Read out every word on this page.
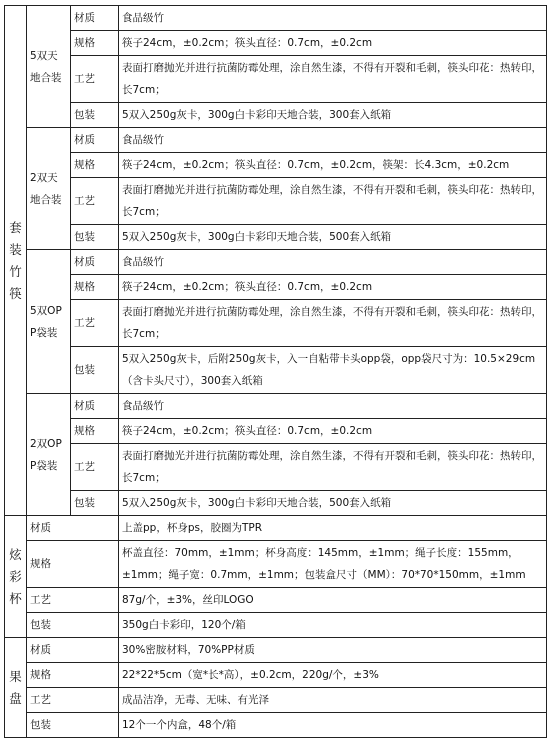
套装竹筷	5双天地合装	材质	食品级竹
		规格	筷子24cm，±0.2cm；筷头直径：0.7cm，±0.2cm
		工艺	表面打磨抛光并进行抗菌防霉处理，涂自然生漆，不得有开裂和毛刺，筷头印花：热转印，长7cm；
		包装	5双入250g灰卡，300g白卡彩印天地合装，300套入纸箱

	2双天地合装	材质	食品级竹
		规格	筷子24cm，±0.2cm；筷头直径：0.7cm，±0.2cm，筷架：长4.3cm，±0.2cm
		工艺	表面打磨抛光并进行抗菌防霉处理，涂自然生漆，不得有开裂和毛刺，筷头印花：热转印，长7cm；
		包装	5双入250g灰卡，300g白卡彩印天地合装，500套入纸箱

	5双OPP袋装	材质	食品级竹
		规格	筷子24cm，±0.2cm；筷头直径：0.7cm，±0.2cm
		工艺	表面打磨抛光并进行抗菌防霉处理，涂自然生漆，不得有开裂和毛刺，筷头印花：热转印，长7cm；
		包装	5双入250g灰卡，后附250g灰卡，入一自粘带卡头opp袋，opp袋尺寸为：10.5×29cm（含卡头尺寸），300套入纸箱

	2双OPP袋装	材质	食品级竹
		规格	筷子24cm，±0.2cm；筷头直径：0.7cm，±0.2cm
		工艺	表面打磨抛光并进行抗菌防霉处理，涂自然生漆，不得有开裂和毛刺，筷头印花：热转印，长7cm；
		包装	5双入250g灰卡，300g白卡彩印天地合装，500套入纸箱

炫彩杯	材质		上盖pp，杯身ps，胶圈为TPR
	规格		杯盖直径：70mm，±1mm；杯身高度：145mm，±1mm；绳子长度：155mm，±1mm；绳子宽：0.7mm，±1mm；包装盒尺寸（MM）：70*70*150mm，±1mm
	工艺		87g/个，±3%，丝印LOGO
	包装		350g白卡彩印，120个/箱

果盘	材质		30%密胺材料，70%PP材质
	规格		22*22*5cm（宽*长*高），±0.2cm，220g/个，±3%
	工艺		成品洁净，无毒、无味、有光泽
	包装		12个一个内盒，48个/箱
